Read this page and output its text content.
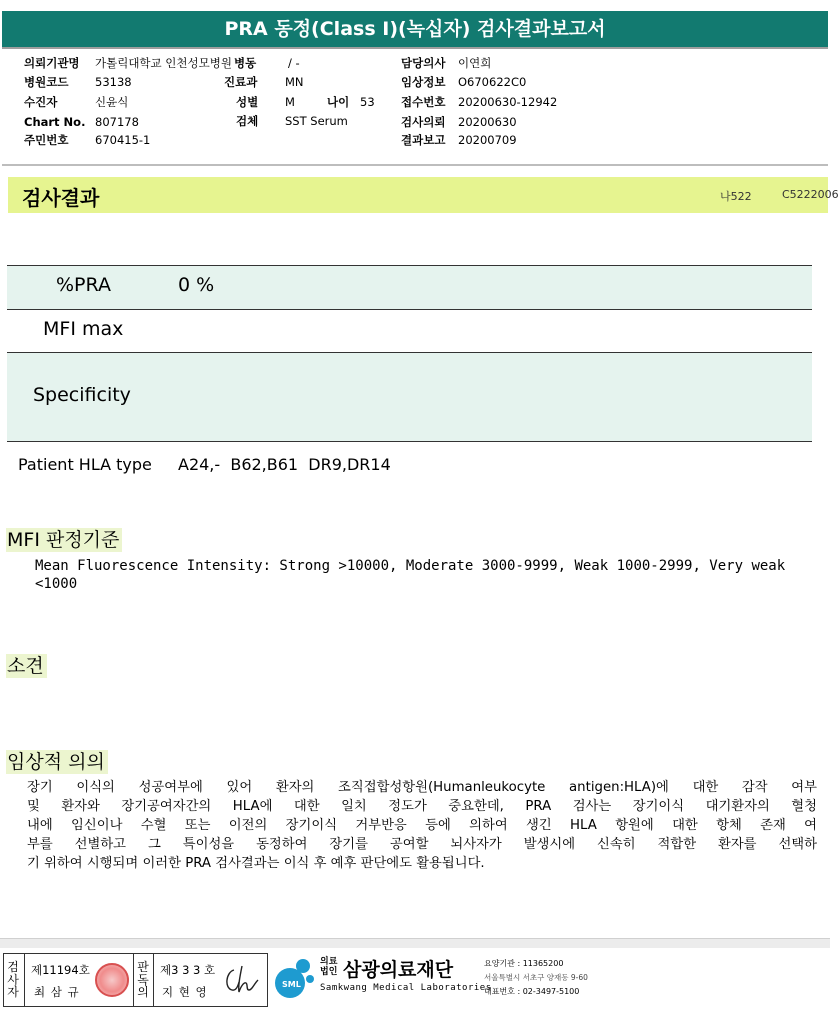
PRA 동정(Class I)(녹십자) 검사결과보고서
의뢰기관명 가톨릭대학교 인천성모병원
병원코드 53138
수진자	신윤식
Chart No. 807178
주민번호 670415-1
병동	/ -
진료과 MN
성별 M	나이 53
검체 SST Serum
담당의사 이연희
임상정보 O670622C0
접수번호 20200630-12942
검사의뢰 20200630
결과보고 20200709
검사결과	나522	C5222006
%PRA	0 %
MFI max
Specificity
Patient HLA type A24,-  B62,B61  DR9,DR14
MFI 판정기준
Mean Fluorescence Intensity: Strong >10000, Moderate 3000-9999, Weak 1000-2999, Very weak
<1000
소견
임상적 의의
장기 이식의 성공여부에 있어 환자의 조직접합성항원(Humanleukocyte antigen:HLA)에 대한 감작 여부
및 환자와 장기공여자간의 HLA에 대한 일치 정도가 중요한데, PRA 검사는 장기이식 대기환자의 혈청
내에 임신이나 수혈 또는 이전의 장기이식 거부반응 등에 의하여 생긴 HLA 항원에 대한 항체 존재 여
부를 선별하고 그 특이성을 동정하여 장기를 공여할 뇌사자가 발생시에 신속히 적합한 환자를 선택하
기 위하여 시행되며 이러한 PRA 검사결과는 이식 후 예후 판단에도 활용됩니다.
검사자
제11194호
최 삼 규
판독의
제3 3 3 호
지 현 영
SML
의료법인 삼광의료재단
Samkwang Medical Laboratories
요양기관 : 11365200
서울특별시 서초구 양재동 9-60
대표번호 : 02-3497-5100
